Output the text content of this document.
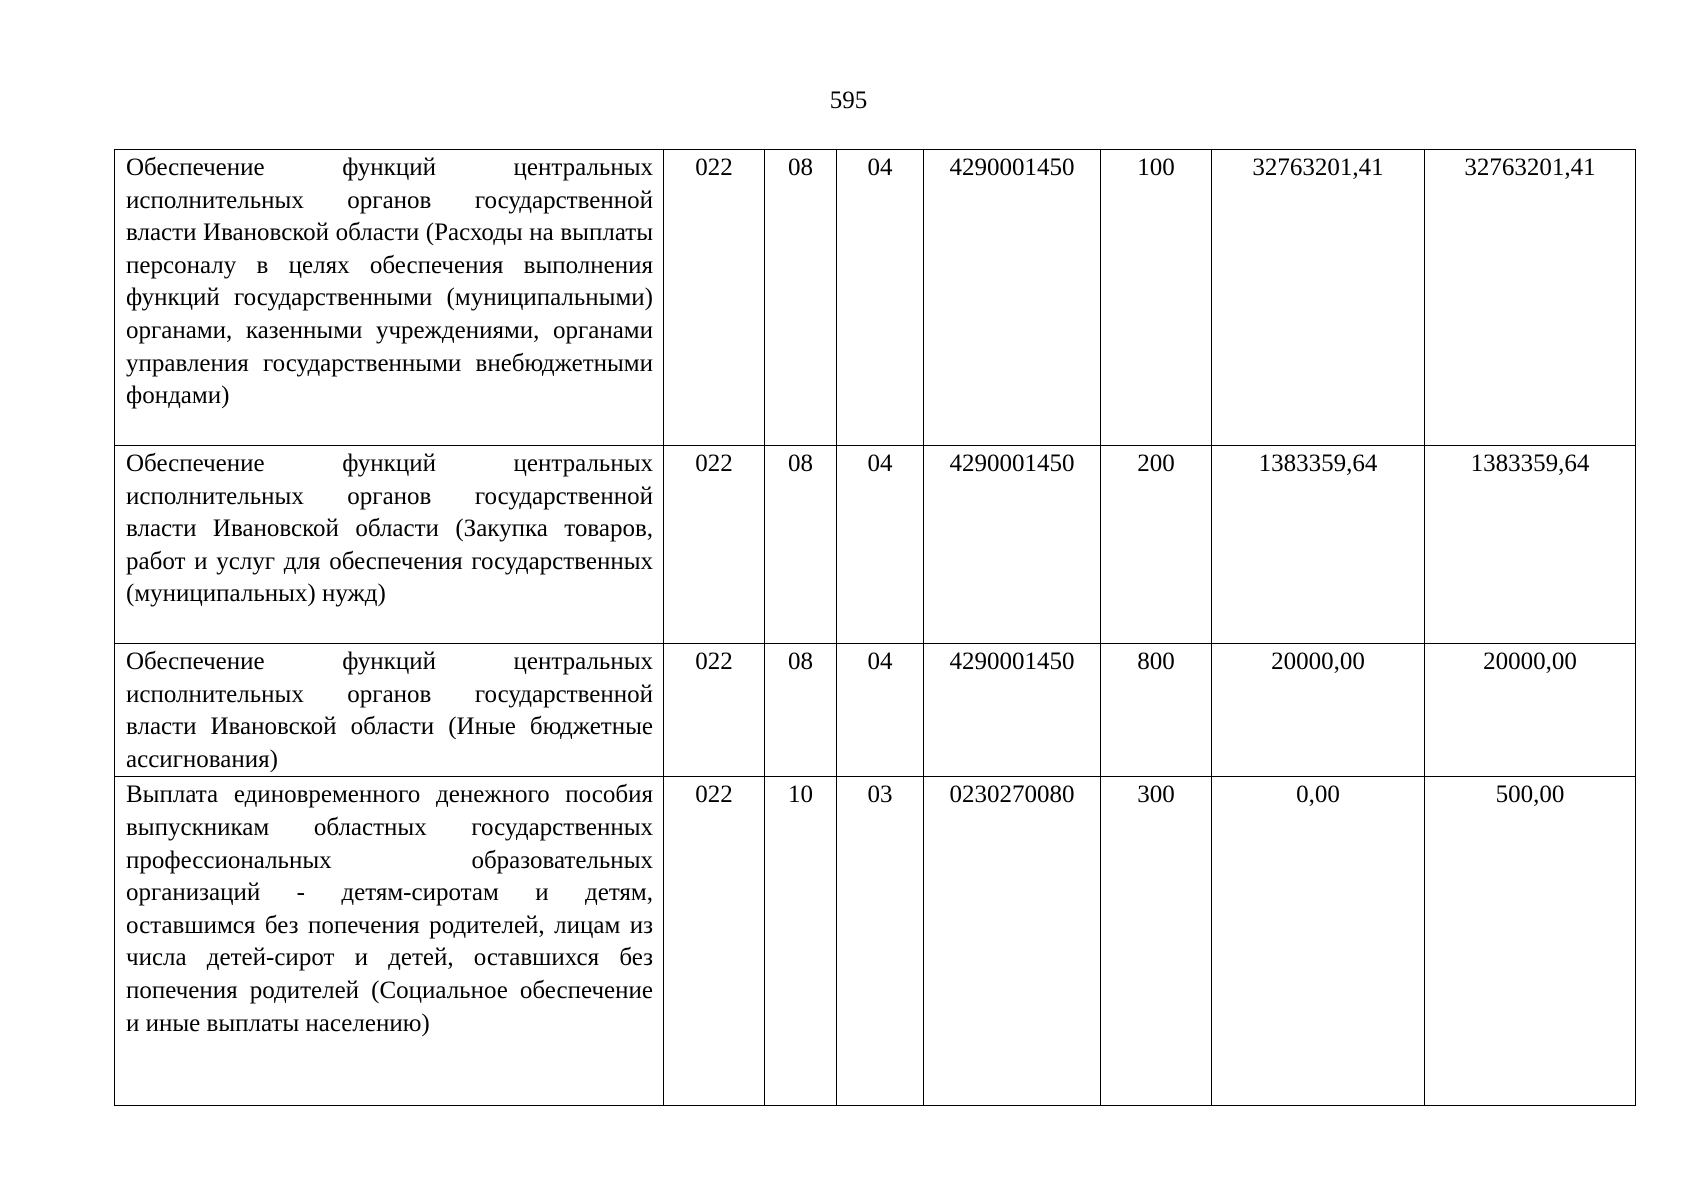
595
Обеспечение функций центральных исполнительных органов государственной власти Ивановской области (Расходы на выплаты персоналу в целях обеспечения выполнения функций государственными (муниципальными) органами, казенными учреждениями, органами управления государственными внебюджетными фондами)	022	08	04	4290001450	100	32763201,41	32763201,41
Обеспечение функций центральных исполнительных органов государственной власти Ивановской области (Закупка товаров, работ и услуг для обеспечения государственных (муниципальных) нужд)	022	08	04	4290001450	200	1383359,64	1383359,64
Обеспечение функций центральных исполнительных органов государственной власти Ивановской области (Иные бюджетные ассигнования)	022	08	04	4290001450	800	20000,00	20000,00
Выплата единовременного денежного пособия выпускникам областных государственных профессиональных образовательных организаций - детям-сиротам и детям, оставшимся без попечения родителей, лицам из числа детей-сирот и детей, оставшихся без попечения родителей (Социальное обеспечение и иные выплаты населению)	022	10	03	0230270080	300	0,00	500,00
